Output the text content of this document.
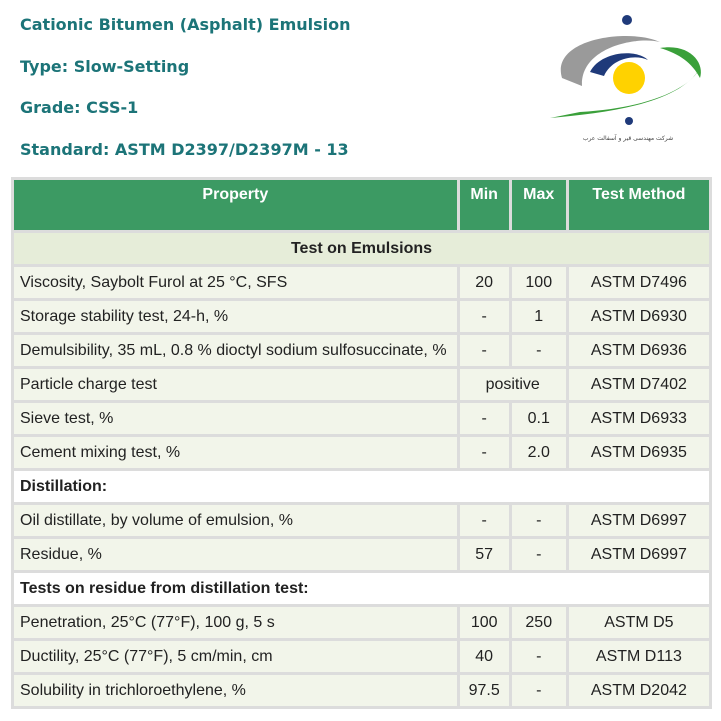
Cationic Bitumen (Asphalt) Emulsion
Type: Slow-Setting
Grade: CSS-1
Standard: ASTM D2397/D2397M - 13
شرکت مهندسی قیر و آسفالت عرب
Property	Min	Max	Test Method
Test on Emulsions			
Viscosity, Saybolt Furol at 25 °C, SFS	20	100	ASTM D7496
Storage stability test, 24-h, %	-	1	ASTM D6930
Demulsibility, 35 mL, 0.8 % dioctyl sodium sulfosuccinate, %	-	-	ASTM D6936
Particle charge test	positive		ASTM D7402
Sieve test, %	-	0.1	ASTM D6933
Cement mixing test, %	-	2.0	ASTM D6935
Distillation:			
Oil distillate, by volume of emulsion, %	-	-	ASTM D6997
Residue, %	57	-	ASTM D6997
Tests on residue from distillation test:			
Penetration, 25°C (77°F), 100 g, 5 s	100	250	ASTM D5
Ductility, 25°C (77°F), 5 cm/min, cm	40	-	ASTM D113
Solubility in trichloroethylene, %	97.5	-	ASTM D2042
